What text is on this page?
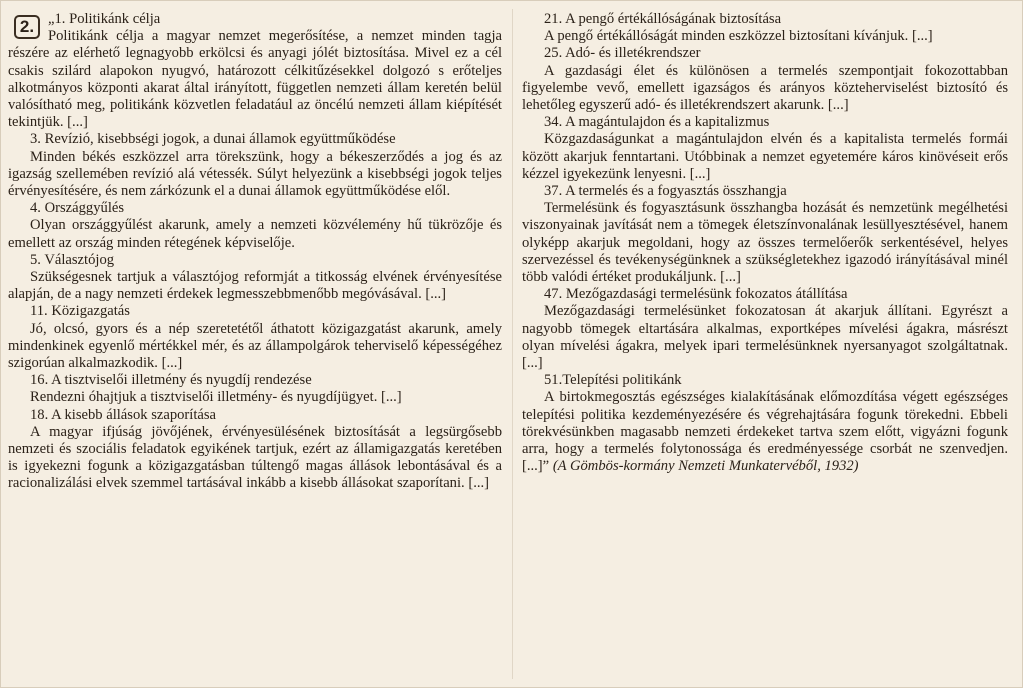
2. „1. Politikánk célja

Politikánk célja a magyar nemzet megerősítése, a nemzet minden tagja részére az elérhető legnagyobb erkölcsi és anyagi jólét biztosítása. Mivel ez a cél csakis szilárd alapokon nyugvó, határozott célkitűzésekkel dolgozó s erőteljes alkotmányos központi akarat által irányított, független nemzeti állam keretén belül valósítható meg, politikánk közvetlen feladatául az öncélú nemzeti állam kiépítését tekintjük. [...]

3. Revízió, kisebbségi jogok, a dunai államok együttműködése

Minden békés eszközzel arra törekszünk, hogy a békeszerződés a jog és az igazság szellemében revízió alá vétessék. Súlyt helyezünk a kisebbségi jogok teljes érvényesítésére, és nem zárkózunk el a dunai államok együttműködése elől.

4. Országgyűlés

Olyan országgyűlést akarunk, amely a nemzeti közvélemény hű tükrözője és emellett az ország minden rétegének képviselője.

5. Választójog

Szükségesnek tartjuk a választójog reformját a titkosság elvének érvényesítése alapján, de a nagy nemzeti érdekek legmesszebbmenőbb megóvásával. [...]

11. Közigazgatás

Jó, olcsó, gyors és a nép szeretetétől áthatott közigazgatást akarunk, amely mindenkinek egyenlő mértékkel mér, és az állampolgárok teherviselő képességéhez szigorúan alkalmazkodik. [...]

16. A tisztviselői illetmény és nyugdíj rendezése

Rendezni óhajtjuk a tisztviselői illetmény- és nyugdíjügyet. [...]

18. A kisebb állások szaporítása

A magyar ifjúság jövőjének, érvényesülésének biztosítását a legsürgősebb nemzeti és szociális feladatok egyikének tartjuk, ezért az államigazgatás keretében is igyekezni fogunk a közigazgatásban túltengő magas állások lebontásával és a racionalizálási elvek szemmel tartásával inkább a kisebb állásokat szaporítani. [...]

21. A pengő értékállóságának biztosítása

A pengő értékállóságát minden eszközzel biztosítani kívánjuk. [...]

25. Adó- és illetékrendszer

A gazdasági élet és különösen a termelés szempontjait fokozottabban figyelembe vevő, emellett igazságos és arányos közteherviselést biztosító és lehetőleg egyszerű adó- és illetékrendszert akarunk. [...]

34. A magántulajdon és a kapitalizmus

Közgazdaságunkat a magántulajdon elvén és a kapitalista termelés formái között akarjuk fenntartani. Utóbbinak a nemzet egyetemére káros kinövéseit erős kézzel igyekezünk lenyesni. [...]

37. A termelés és a fogyasztás összhangja

Termelésünk és fogyasztásunk összhangba hozását és nemzetünk megélhetési viszonyainak javítását nem a tömegek életszínvonalának lesüllyesztésével, hanem olyképp akarjuk megoldani, hogy az összes termelőerők serkentésével, helyes szervezéssel és tevékenységünknek a szükségletekhez igazodó irányításával minél több valódi értéket produkáljunk. [...]

47. Mezőgazdasági termelésünk fokozatos átállítása

Mezőgazdasági termelésünket fokozatosan át akarjuk állítani. Egyrészt a nagyobb tömegek eltartására alkalmas, exportképes mívelési ágakra, másrészt olyan mívelési ágakra, melyek ipari termelésünknek nyersanyagot szolgáltatnak. [...]

51.Telepítési politikánk

A birtokmegosztás egészséges kialakításának előmozdítása végett egészséges telepítési politika kezdeményezésére és végrehajtására fogunk törekedni. Ebbeli törekvésünkben magasabb nemzeti érdekeket tartva szem előtt, vigyázni fogunk arra, hogy a termelés folytonossága és eredményessége csorbát ne szenvedjen. [...]” (A Gömbös-kormány Nemzeti Munkatervéből, 1932)
